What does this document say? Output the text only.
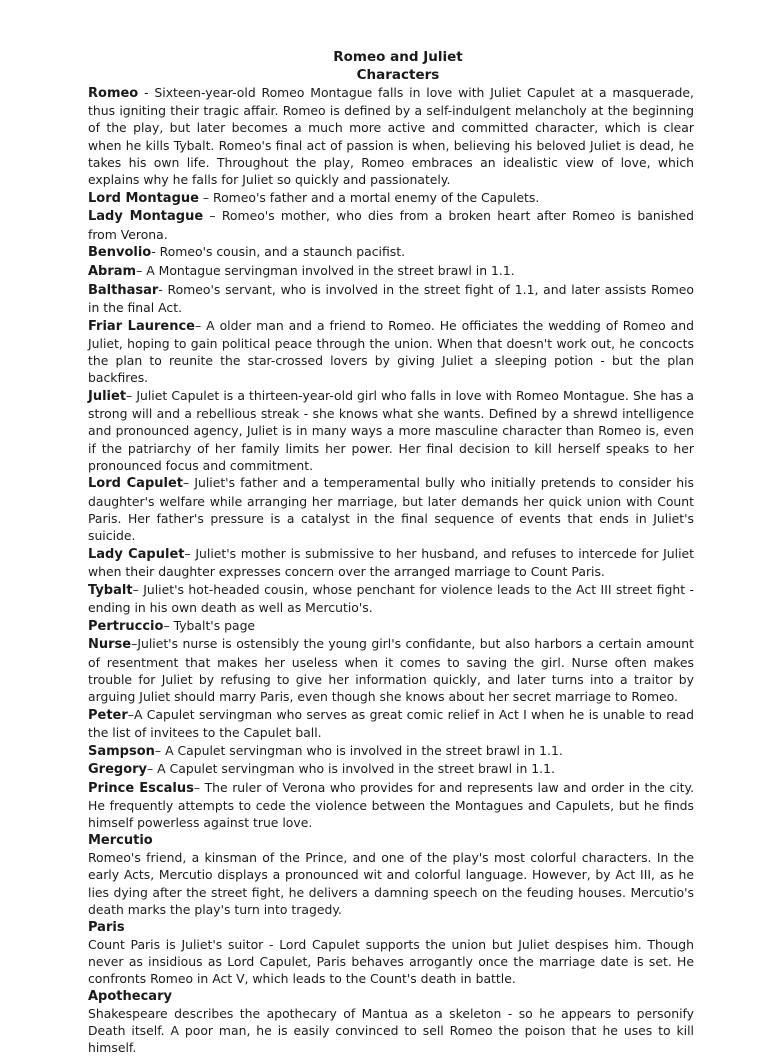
Romeo and Juliet
Characters

Romeo - Sixteen-year-old Romeo Montague falls in love with Juliet Capulet at a masquerade, thus igniting their tragic affair. Romeo is defined by a self-indulgent melancholy at the beginning of the play, but later becomes a much more active and committed character, which is clear when he kills Tybalt. Romeo's final act of passion is when, believing his beloved Juliet is dead, he takes his own life. Throughout the play, Romeo embraces an idealistic view of love, which explains why he falls for Juliet so quickly and passionately.

Lord Montague – Romeo's father and a mortal enemy of the Capulets.

Lady Montague – Romeo's mother, who dies from a broken heart after Romeo is banished from Verona.

Benvolio- Romeo's cousin, and a staunch pacifist.

Abram– A Montague servingman involved in the street brawl in 1.1.

Balthasar- Romeo's servant, who is involved in the street fight of 1.1, and later assists Romeo in the final Act.

Friar Laurence– A older man and a friend to Romeo. He officiates the wedding of Romeo and Juliet, hoping to gain political peace through the union. When that doesn't work out, he concocts the plan to reunite the star-crossed lovers by giving Juliet a sleeping potion - but the plan backfires.

Juliet– Juliet Capulet is a thirteen-year-old girl who falls in love with Romeo Montague. She has a strong will and a rebellious streak - she knows what she wants. Defined by a shrewd intelligence and pronounced agency, Juliet is in many ways a more masculine character than Romeo is, even if the patriarchy of her family limits her power. Her final decision to kill herself speaks to her pronounced focus and commitment.

Lord Capulet– Juliet's father and a temperamental bully who initially pretends to consider his daughter's welfare while arranging her marriage, but later demands her quick union with Count Paris. Her father's pressure is a catalyst in the final sequence of events that ends in Juliet's suicide.

Lady Capulet– Juliet's mother is submissive to her husband, and refuses to intercede for Juliet when their daughter expresses concern over the arranged marriage to Count Paris.

Tybalt– Juliet's hot-headed cousin, whose penchant for violence leads to the Act III street fight - ending in his own death as well as Mercutio's.

Pertruccio– Tybalt's page

Nurse–Juliet's nurse is ostensibly the young girl's confidante, but also harbors a certain amount of resentment that makes her useless when it comes to saving the girl. Nurse often makes trouble for Juliet by refusing to give her information quickly, and later turns into a traitor by arguing Juliet should marry Paris, even though she knows about her secret marriage to Romeo.

Peter–A Capulet servingman who serves as great comic relief in Act I when he is unable to read the list of invitees to the Capulet ball.

Sampson– A Capulet servingman who is involved in the street brawl in 1.1.

Gregory– A Capulet servingman who is involved in the street brawl in 1.1.

Prince Escalus– The ruler of Verona who provides for and represents law and order in the city. He frequently attempts to cede the violence between the Montagues and Capulets, but he finds himself powerless against true love.

Mercutio

Romeo's friend, a kinsman of the Prince, and one of the play's most colorful characters. In the early Acts, Mercutio displays a pronounced wit and colorful language. However, by Act III, as he lies dying after the street fight, he delivers a damning speech on the feuding houses. Mercutio's death marks the play's turn into tragedy.

Paris

Count Paris is Juliet's suitor - Lord Capulet supports the union but Juliet despises him. Though never as insidious as Lord Capulet, Paris behaves arrogantly once the marriage date is set. He confronts Romeo in Act V, which leads to the Count's death in battle.

Apothecary

Shakespeare describes the apothecary of Mantua as a skeleton - so he appears to personify Death itself. A poor man, he is easily convinced to sell Romeo the poison that he uses to kill himself.
